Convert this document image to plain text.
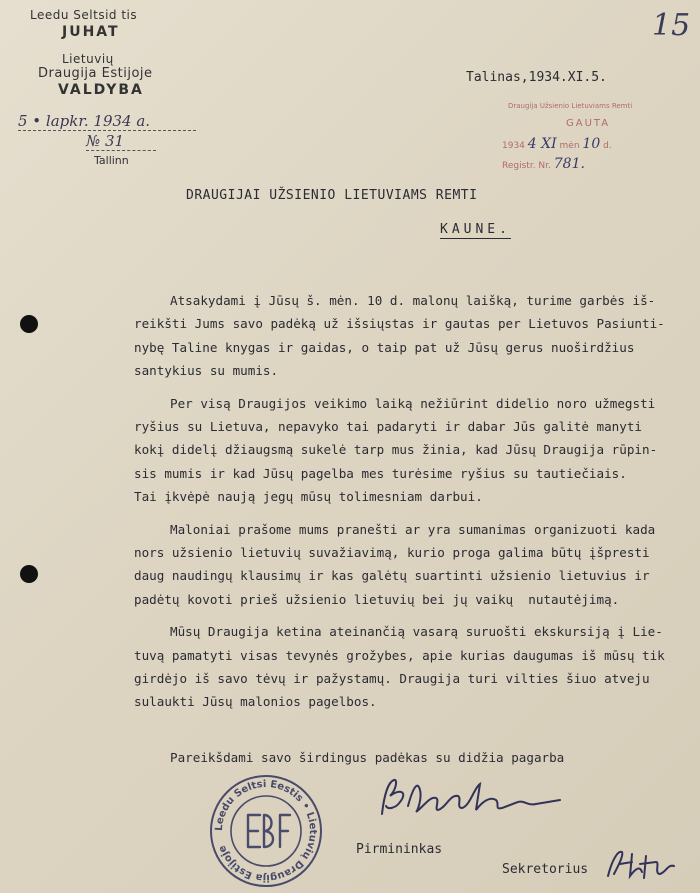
Leedu Seltsid tis
JUHAT
Lietuvių
Draugija Estijoje
VALDYBA
5 • lapkr. 1934 a.
№ 31
Tallinn
15
Talinas,1934.XI.5.
Draugija Užsienio Lietuviams Remti
GAUTA
1934 4 XI mėn 10 d.
Registr. Nr. 781.
DRAUGIJAI UŽSIENIO LIETUVIAMS REMTI
KAUNE.
Atsakydami į Jūsų š. mėn. 10 d. malonų laišką, turime garbės iš-
reikšti Jums savo padėką už išsiųstas ir gautas per Lietuvos Pasiunti-
nybę Taline knygas ir gaidas, o taip pat už Jūsų gerus nuoširdžius
santykius su mumis.
Per visą Draugijos veikimo laiką nežiūrint didelio noro užmegsti
ryšius su Lietuva, nepavyko tai padaryti ir dabar Jūs galitė manyti
kokį didelį džiaugsmą sukelė tarp mus žinia, kad Jūsų Draugija rūpin-
sis mumis ir kad Jūsų pagelba mes turėsime ryšius su tautiečiais.
Tai įkvėpė naują jegų mūsų tolimesniam darbui.
Maloniai prašome mums pranešti ar yra sumanimas organizuoti kada
nors užsienio lietuvių suvažiavimą, kurio proga galima būtų įšpresti
daug naudingų klausimų ir kas galėtų suartinti užsienio lietuvius ir
padėtų kovoti prieš užsienio lietuvių bei jų vaikų  nutautėjimą.
Mūsų Draugija ketina ateinančią vasarą suruošti ekskursiją į Lie-
tuvą pamatyti visas tevynės grožybes, apie kurias daugumas iš mūsų tik
girdėjo iš savo tėvų ir pažystamų. Draugija turi vilties šiuo atveju
sulaukti Jūsų malonios pagelbos.
Pareikšdami savo širdingus padėkas su didžia pagarba
Leedu Seltsi Eestis • Lietuvių Draugija Estijoje	Pirmininkas
Sekretorius
